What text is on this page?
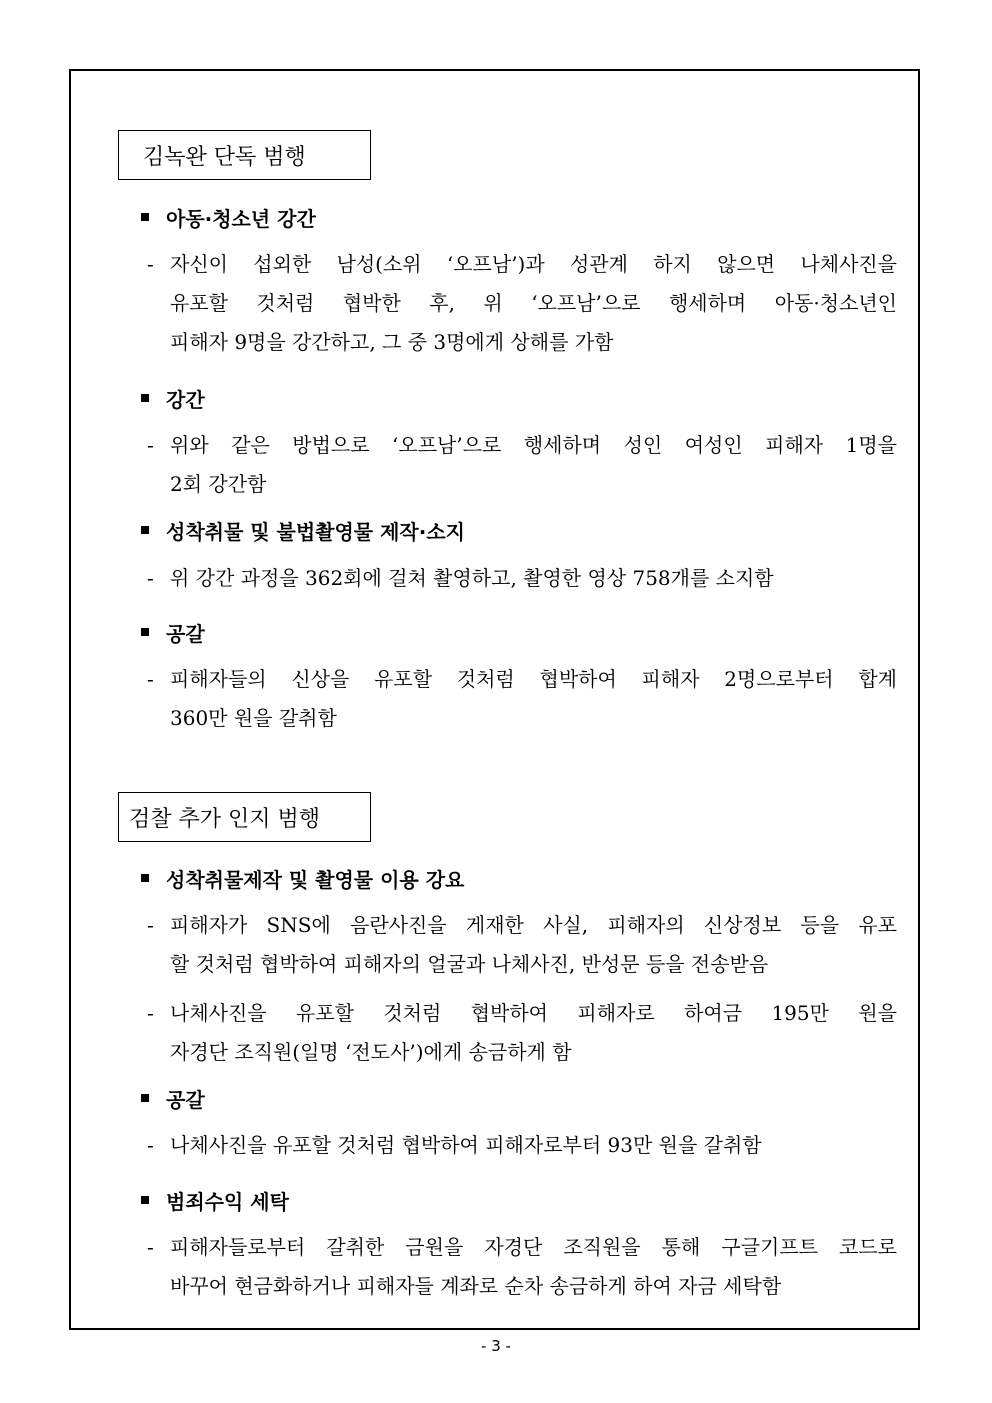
김녹완 단독 범행
아동·청소년 강간
- 자신이 섭외한 남성(소위 ‘오프남’)과 성관계 하지 않으면 나체사진을
유포할 것처럼 협박한 후, 위 ‘오프남’으로 행세하며 아동·청소년인
피해자 9명을 강간하고, 그 중 3명에게 상해를 가함
강간
- 위와 같은 방법으로 ‘오프남’으로 행세하며 성인 여성인 피해자 1명을
2회 강간함
성착취물 및 불법촬영물 제작·소지
- 위 강간 과정을 362회에 걸쳐 촬영하고, 촬영한 영상 758개를 소지함
공갈
- 피해자들의 신상을 유포할 것처럼 협박하여 피해자 2명으로부터 합계
360만 원을 갈취함
검찰 추가 인지 범행
성착취물제작 및 촬영물 이용 강요
- 피해자가 SNS에 음란사진을 게재한 사실, 피해자의 신상정보 등을 유포
할 것처럼 협박하여 피해자의 얼굴과 나체사진, 반성문 등을 전송받음
- 나체사진을 유포할 것처럼 협박하여 피해자로 하여금 195만 원을
자경단 조직원(일명 ‘전도사’)에게 송금하게 함
공갈
- 나체사진을 유포할 것처럼 협박하여 피해자로부터 93만 원을 갈취함
범죄수익 세탁
- 피해자들로부터 갈취한 금원을 자경단 조직원을 통해 구글기프트 코드로
바꾸어 현금화하거나 피해자들 계좌로 순차 송금하게 하여 자금 세탁함
- 3 -
